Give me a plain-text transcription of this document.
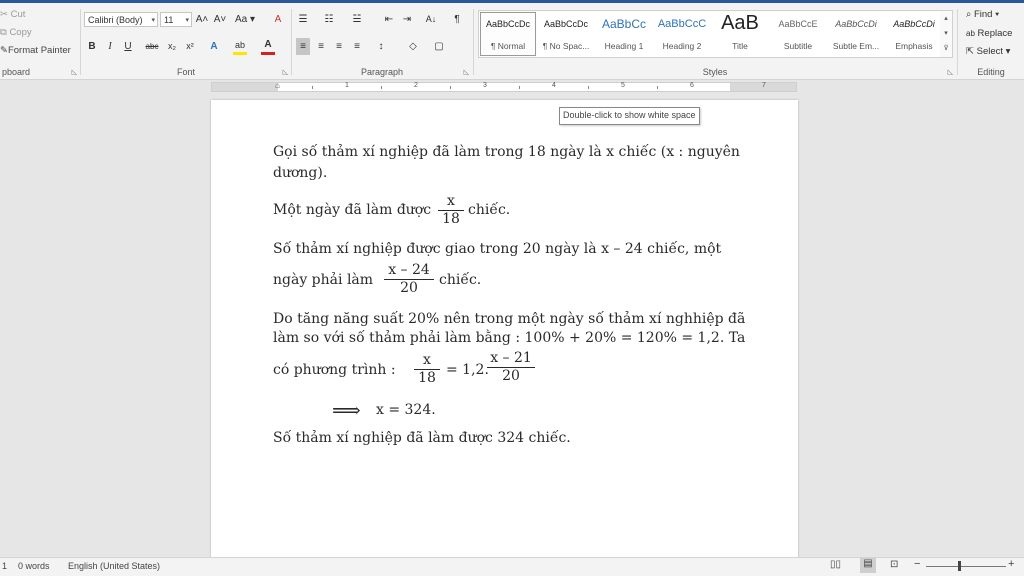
✂ Cut
⧉ Copy
✎Format Painter
pboard	◺
Calibri (Body) ▾	11 ▾ A˄ A˅ Aa ▾	A
B	I	U	abc	x₂	x²	A	ab	A
Font	◺
☰ ☷ ☱ ⇤ ⇥	A↓	¶
≡	≡	≡	≡	↕	◇	▢
Paragraph	◺
AaBbCcDc
¶ Normal
AaBbCcDc
¶ No Spac...
AaBbCc
Heading 1
AaBbCcC
Heading 2
AaB
Title
AaBbCcE
Subtitle
AaBbCcDi
Subtle Em...
AaBbCcDi
Emphasis
▴
▾
⊽
Styles	◺
⌕ Find ▾
ab Replace
⇱ Select ▾
Editing
1	2	3	4	5	6	7
⌂
Double-click to show white space
Gọi số thảm xí nghiệp đã làm trong 18 ngày là x chiếc (x : nguyên
dương).
Một ngày đã làm được $\frac{x}{18}$ chiếc.
Số thảm xí nghiệp được giao trong 20 ngày là x – 24 chiếc, một
ngày phải làm $\frac{x - 24}{20}$ chiếc.
Do tăng năng suất 20% nên trong một ngày số thảm xí nghhiệp đã
làm so với số thảm phải làm bằng : 100% + 20% = 120% = 1,2. Ta
có phương trình : $\frac{x}{18} = 1,2$.
$\frac{x - 21}{20}$
⟹ x = 324.
Số thảm xí nghiệp đã làm được 324 chiếc.
1 0 words English (United States)	▯▯	▤	⊡ −	+
